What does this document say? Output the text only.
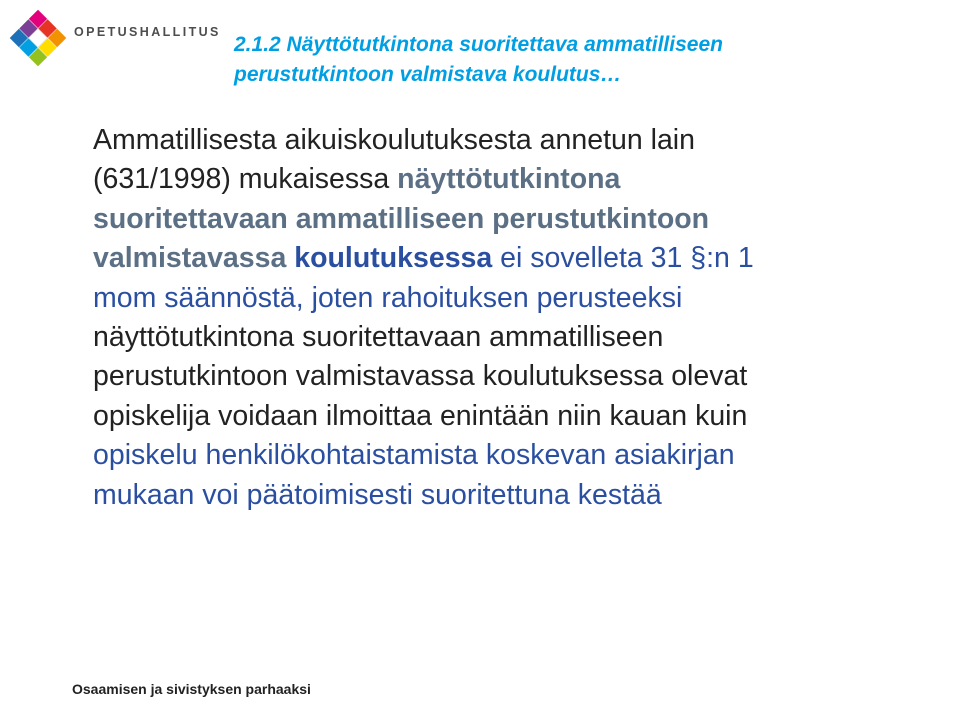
OPETUSHALLITUS
2.1.2 Näyttötutkintona suoritettava ammatilliseen
perustutkintoon valmistava koulutus…

Ammatillisesta aikuiskoulutuksesta annetun lain
(631/1998) mukaisessa näyttötutkintona
suoritettavaan ammatilliseen perustutkintoon
valmistavassa koulutuksessa ei sovelleta 31 §:n 1
mom säännöstä, joten rahoituksen perusteeksi
näyttötutkintona suoritettavaan ammatilliseen
perustutkintoon valmistavassa koulutuksessa olevat
opiskelija voidaan ilmoittaa enintään niin kauan kuin
opiskelu henkilökohtaistamista koskevan asiakirjan
mukaan voi päätoimisesti suoritettuna kestää

Osaamisen ja sivistyksen parhaaksi
